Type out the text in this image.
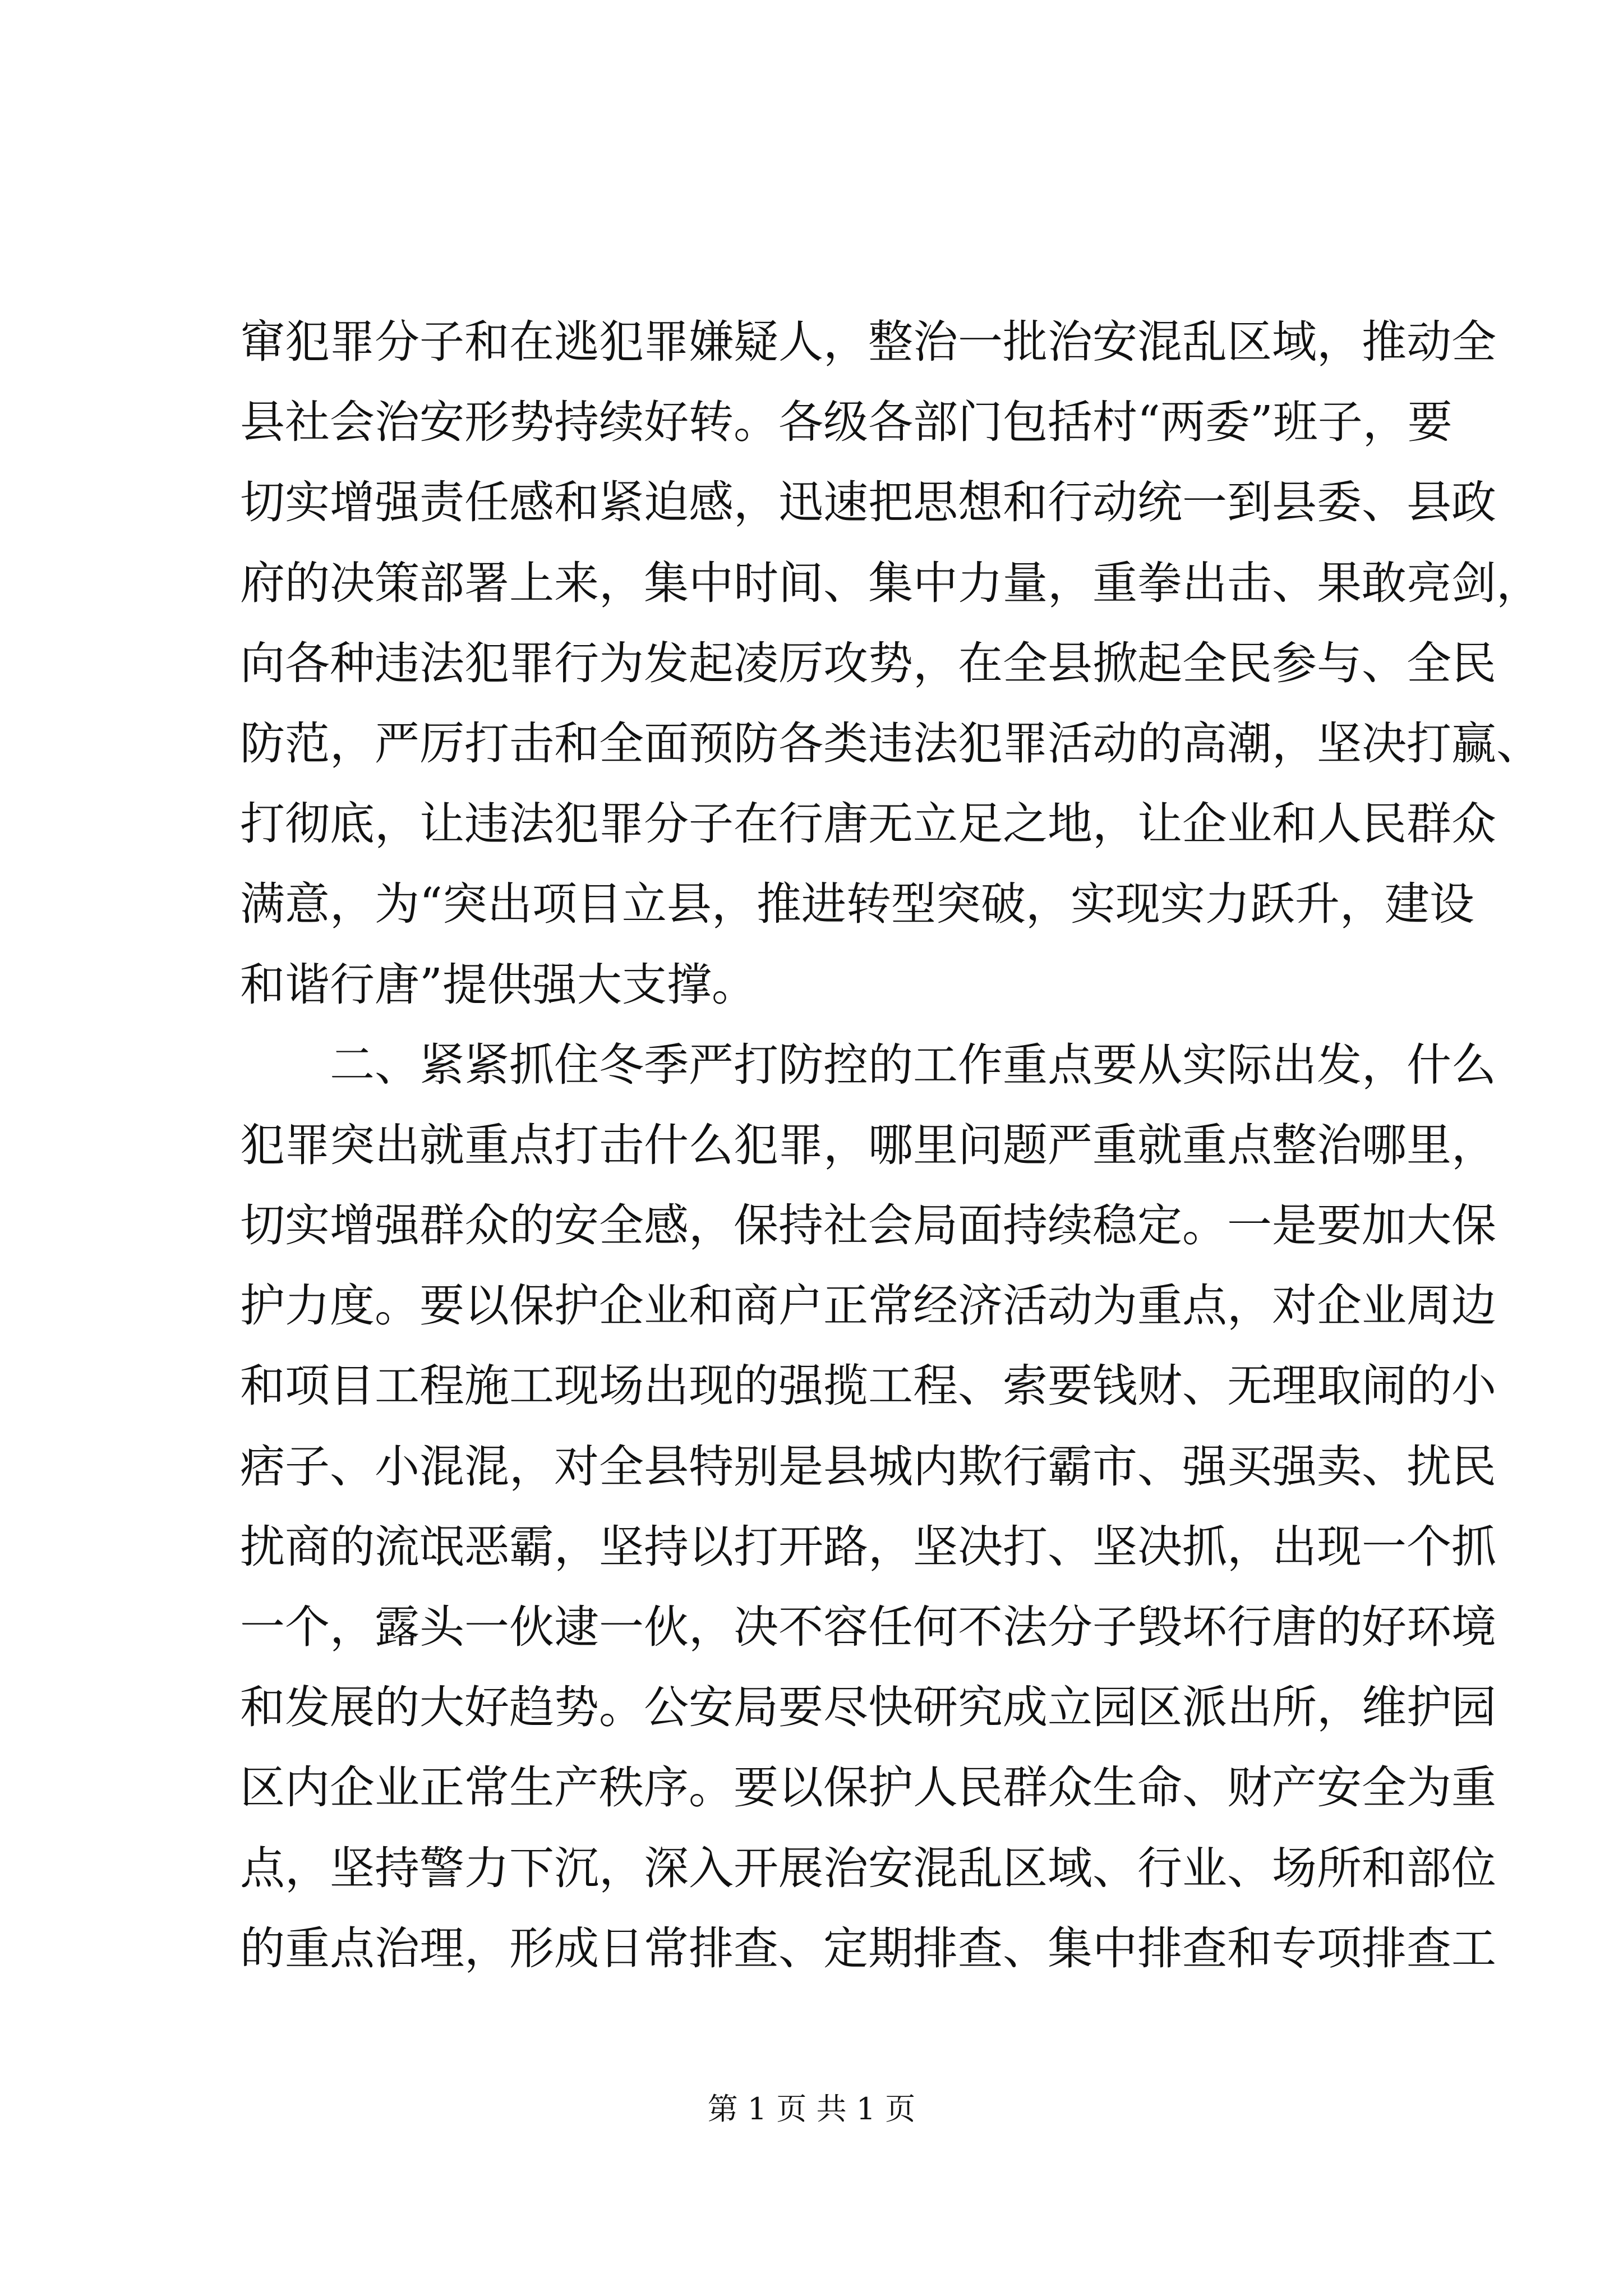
窜犯罪分子和在逃犯罪嫌疑人，整治一批治安混乱区域，推动全
县社会治安形势持续好转。各级各部门包括村“两委”班子，要
切实增强责任感和紧迫感，迅速把思想和行动统一到县委、县政
府的决策部署上来，集中时间、集中力量，重拳出击、果敢亮剑，
向各种违法犯罪行为发起凌厉攻势，在全县掀起全民参与、全民
防范，严厉打击和全面预防各类违法犯罪活动的高潮，坚决打赢、
打彻底，让违法犯罪分子在行唐无立足之地，让企业和人民群众
满意，为“突出项目立县，推进转型突破，实现实力跃升，建设
和谐行唐”提供强大支撑。
二、紧紧抓住冬季严打防控的工作重点要从实际出发，什么
犯罪突出就重点打击什么犯罪，哪里问题严重就重点整治哪里，
切实增强群众的安全感，保持社会局面持续稳定。一是要加大保
护力度。要以保护企业和商户正常经济活动为重点，对企业周边
和项目工程施工现场出现的强揽工程、索要钱财、无理取闹的小
痞子、小混混，对全县特别是县城内欺行霸市、强买强卖、扰民
扰商的流氓恶霸，坚持以打开路，坚决打、坚决抓，出现一个抓
一个，露头一伙逮一伙，决不容任何不法分子毁坏行唐的好环境
和发展的大好趋势。公安局要尽快研究成立园区派出所，维护园
区内企业正常生产秩序。要以保护人民群众生命、财产安全为重
点，坚持警力下沉，深入开展治安混乱区域、行业、场所和部位
的重点治理，形成日常排查、定期排查、集中排查和专项排查工
第 1 页 共 1 页
